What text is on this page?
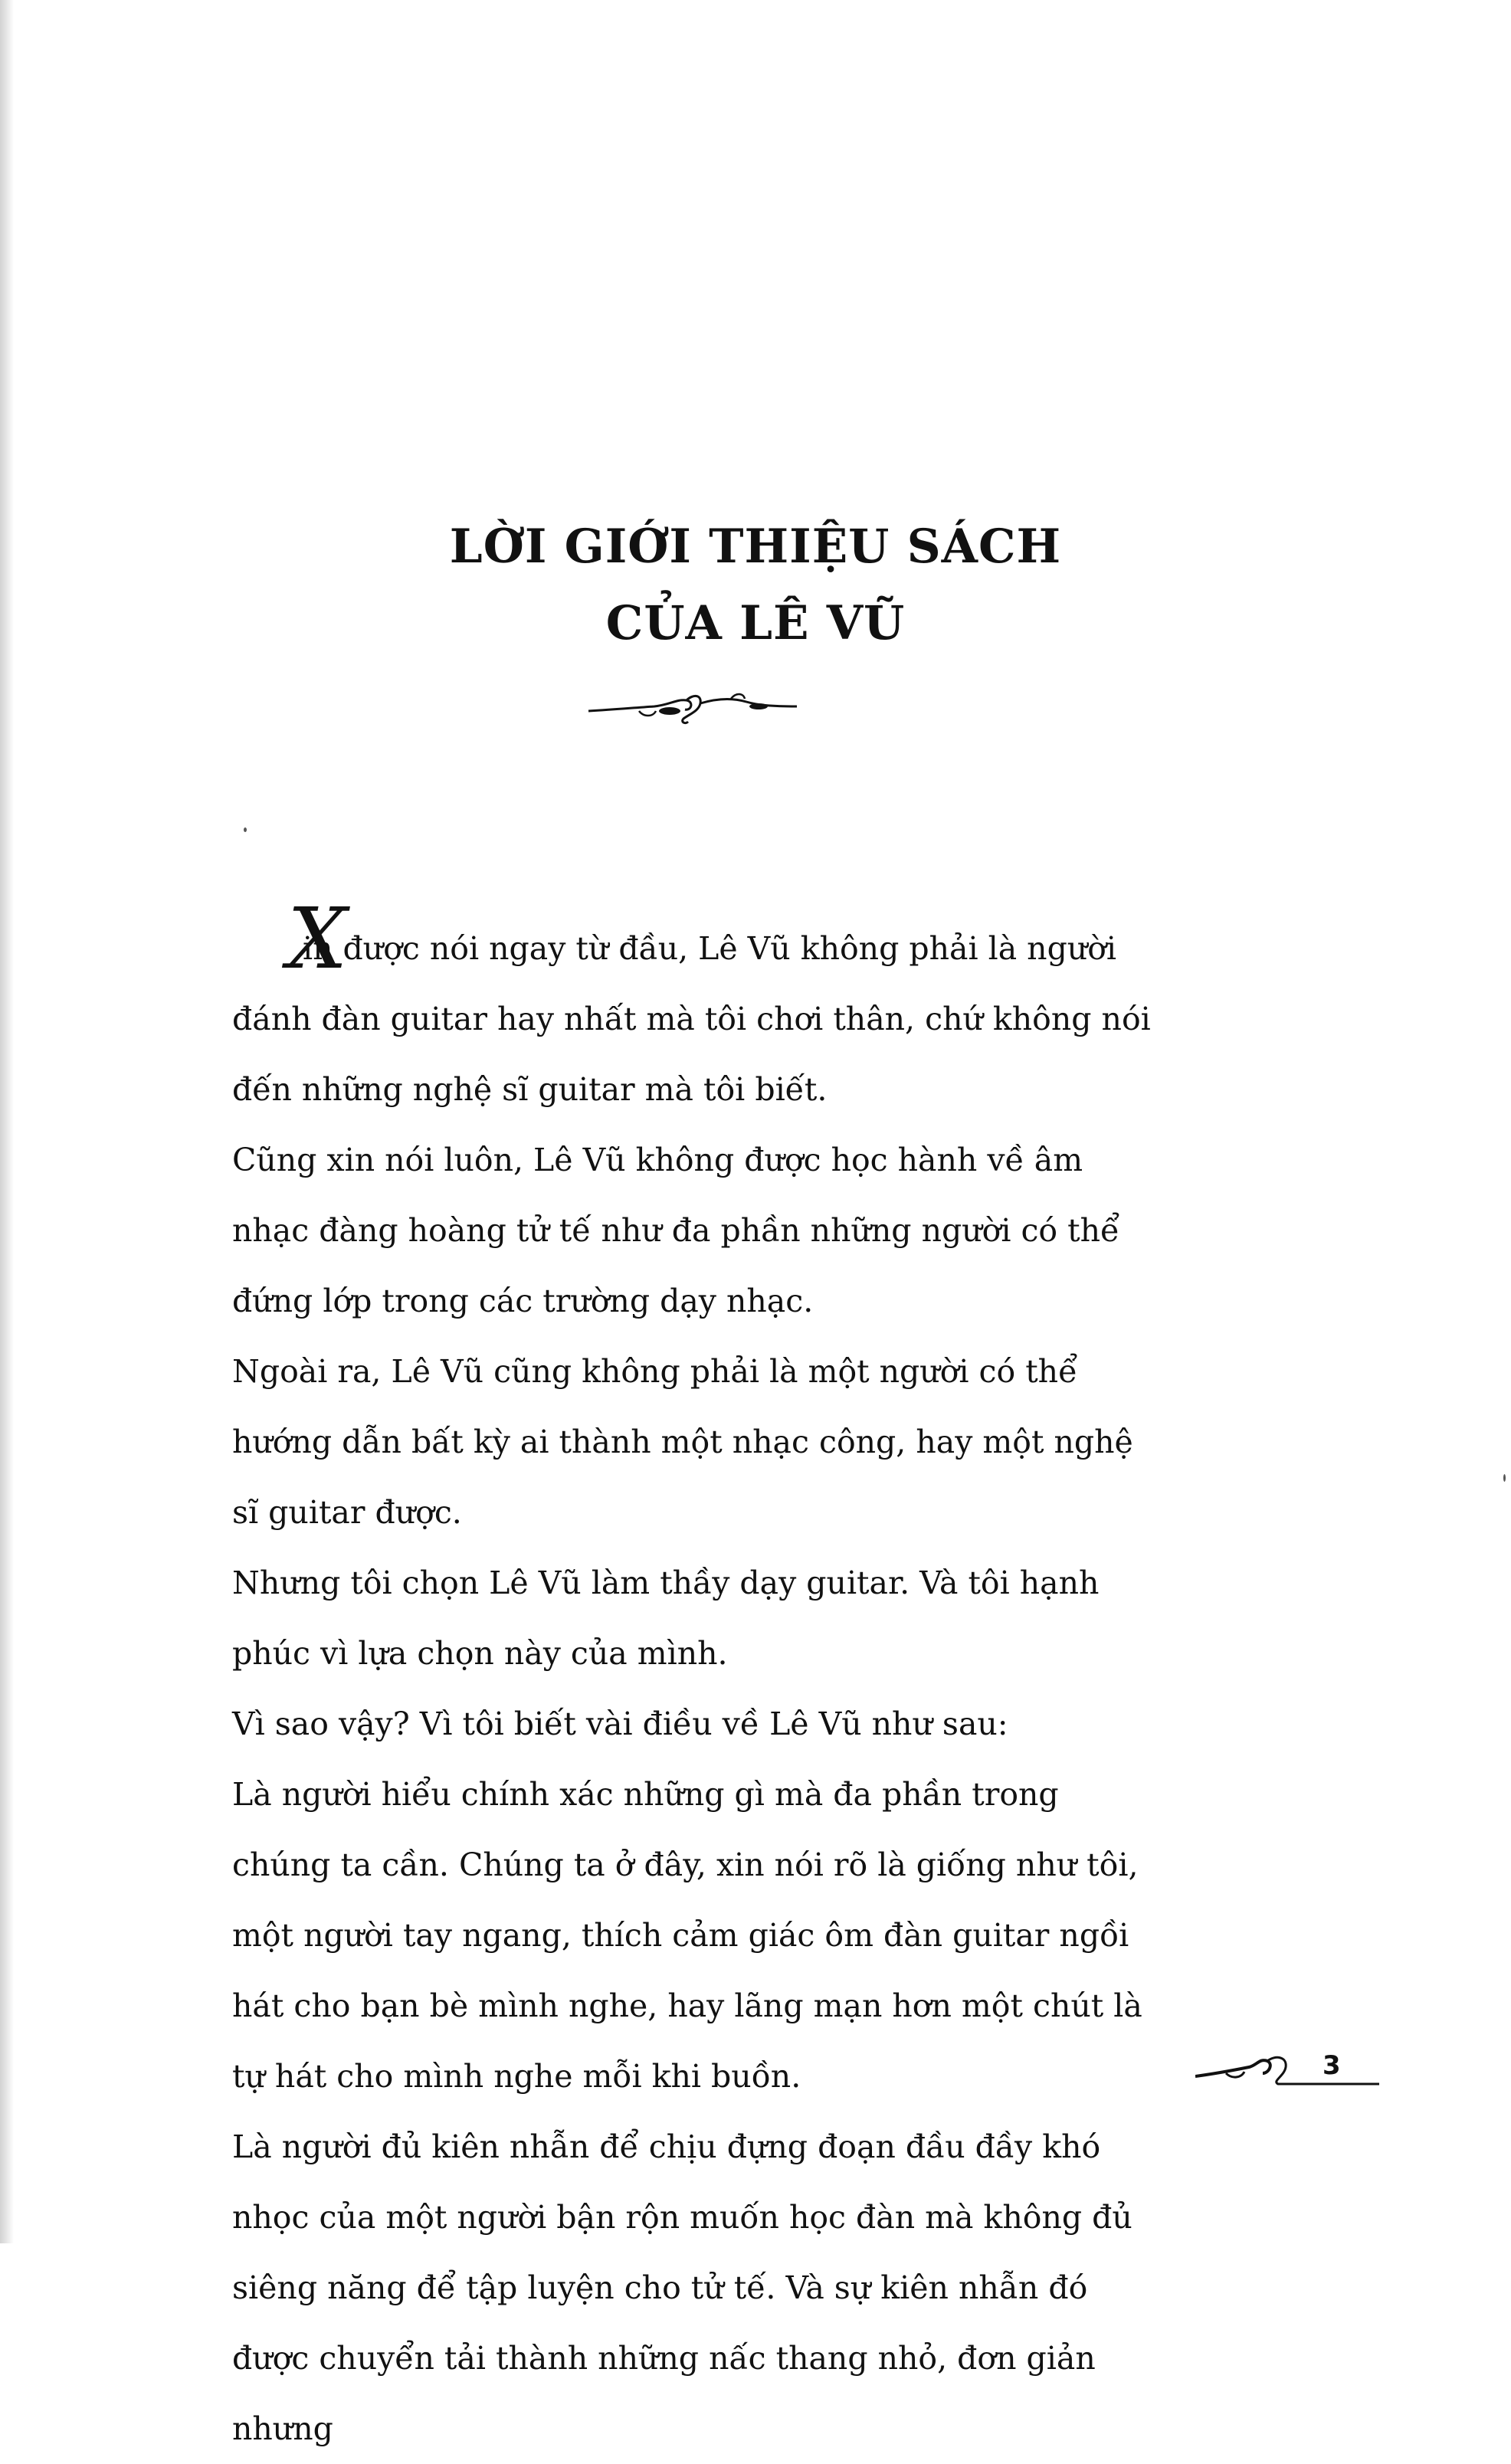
LỜI GIỚI THIỆU SÁCH
CỦA LÊ VŨ

X
in được nói ngay từ đầu, Lê Vũ không phải là người
đánh đàn guitar hay nhất mà tôi chơi thân, chứ không nói đến những nghệ sĩ guitar mà tôi biết.

Cũng xin nói luôn, Lê Vũ không được học hành về âm nhạc đàng hoàng tử tế như đa phần những người có thể đứng lớp trong các trường dạy nhạc.

Ngoài ra, Lê Vũ cũng không phải là một người có thể hướng dẫn bất kỳ ai thành một nhạc công, hay một nghệ sĩ guitar được.

Nhưng tôi chọn Lê Vũ làm thầy dạy guitar. Và tôi hạnh phúc vì lựa chọn này của mình.

Vì sao vậy? Vì tôi biết vài điều về Lê Vũ như sau:

Là người hiểu chính xác những gì mà đa phần trong chúng ta cần. Chúng ta ở đây, xin nói rõ là giống như tôi, một người tay ngang, thích cảm giác ôm đàn guitar ngồi hát cho bạn bè mình nghe, hay lãng mạn hơn một chút là tự hát cho mình nghe mỗi khi buồn.

Là người đủ kiên nhẫn để chịu đựng đoạn đầu đầy khó nhọc của một người bận rộn muốn học đàn mà không đủ siêng năng để tập luyện cho tử tế. Và sự kiên nhẫn đó được chuyển tải thành những nấc thang nhỏ, đơn giản nhưng

3
